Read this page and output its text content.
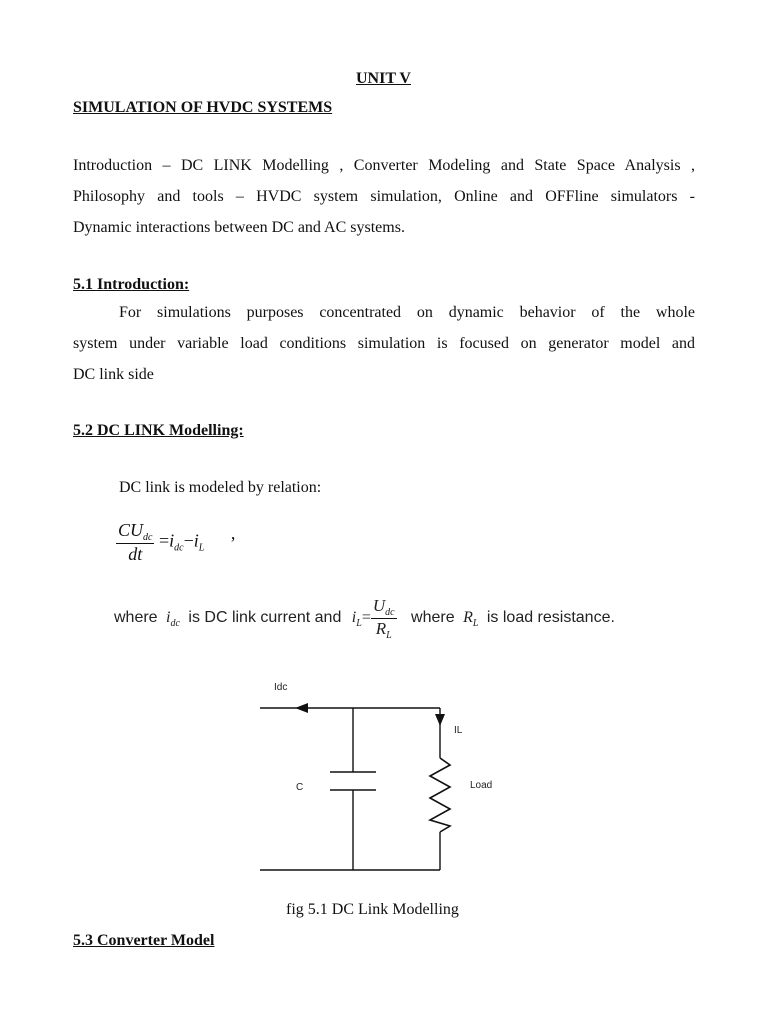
UNIT V
SIMULATION OF HVDC SYSTEMS
Introduction – DC LINK Modelling , Converter Modeling and State Space Analysis ,
Philosophy and tools – HVDC system simulation, Online and OFFline simulators -
Dynamic interactions between DC and AC systems.
5.1 Introduction:
For simulations purposes concentrated on dynamic behavior of the whole
system under variable load conditions simulation is focused on generator model and
DC link side
5.2 DC LINK Modelling:
DC link is modeled by relation:
$\frac{CU_{dc}}{dt} =i_{dc}-i_L$ ,
where $i_{dc}$ is DC link current and $i_L= \frac{U_{dc}}{R_L}$ where $R_L$ is load resistance.
Idc
C
IL
Load
fig 5.1 DC Link Modelling
5.3 Converter Model
